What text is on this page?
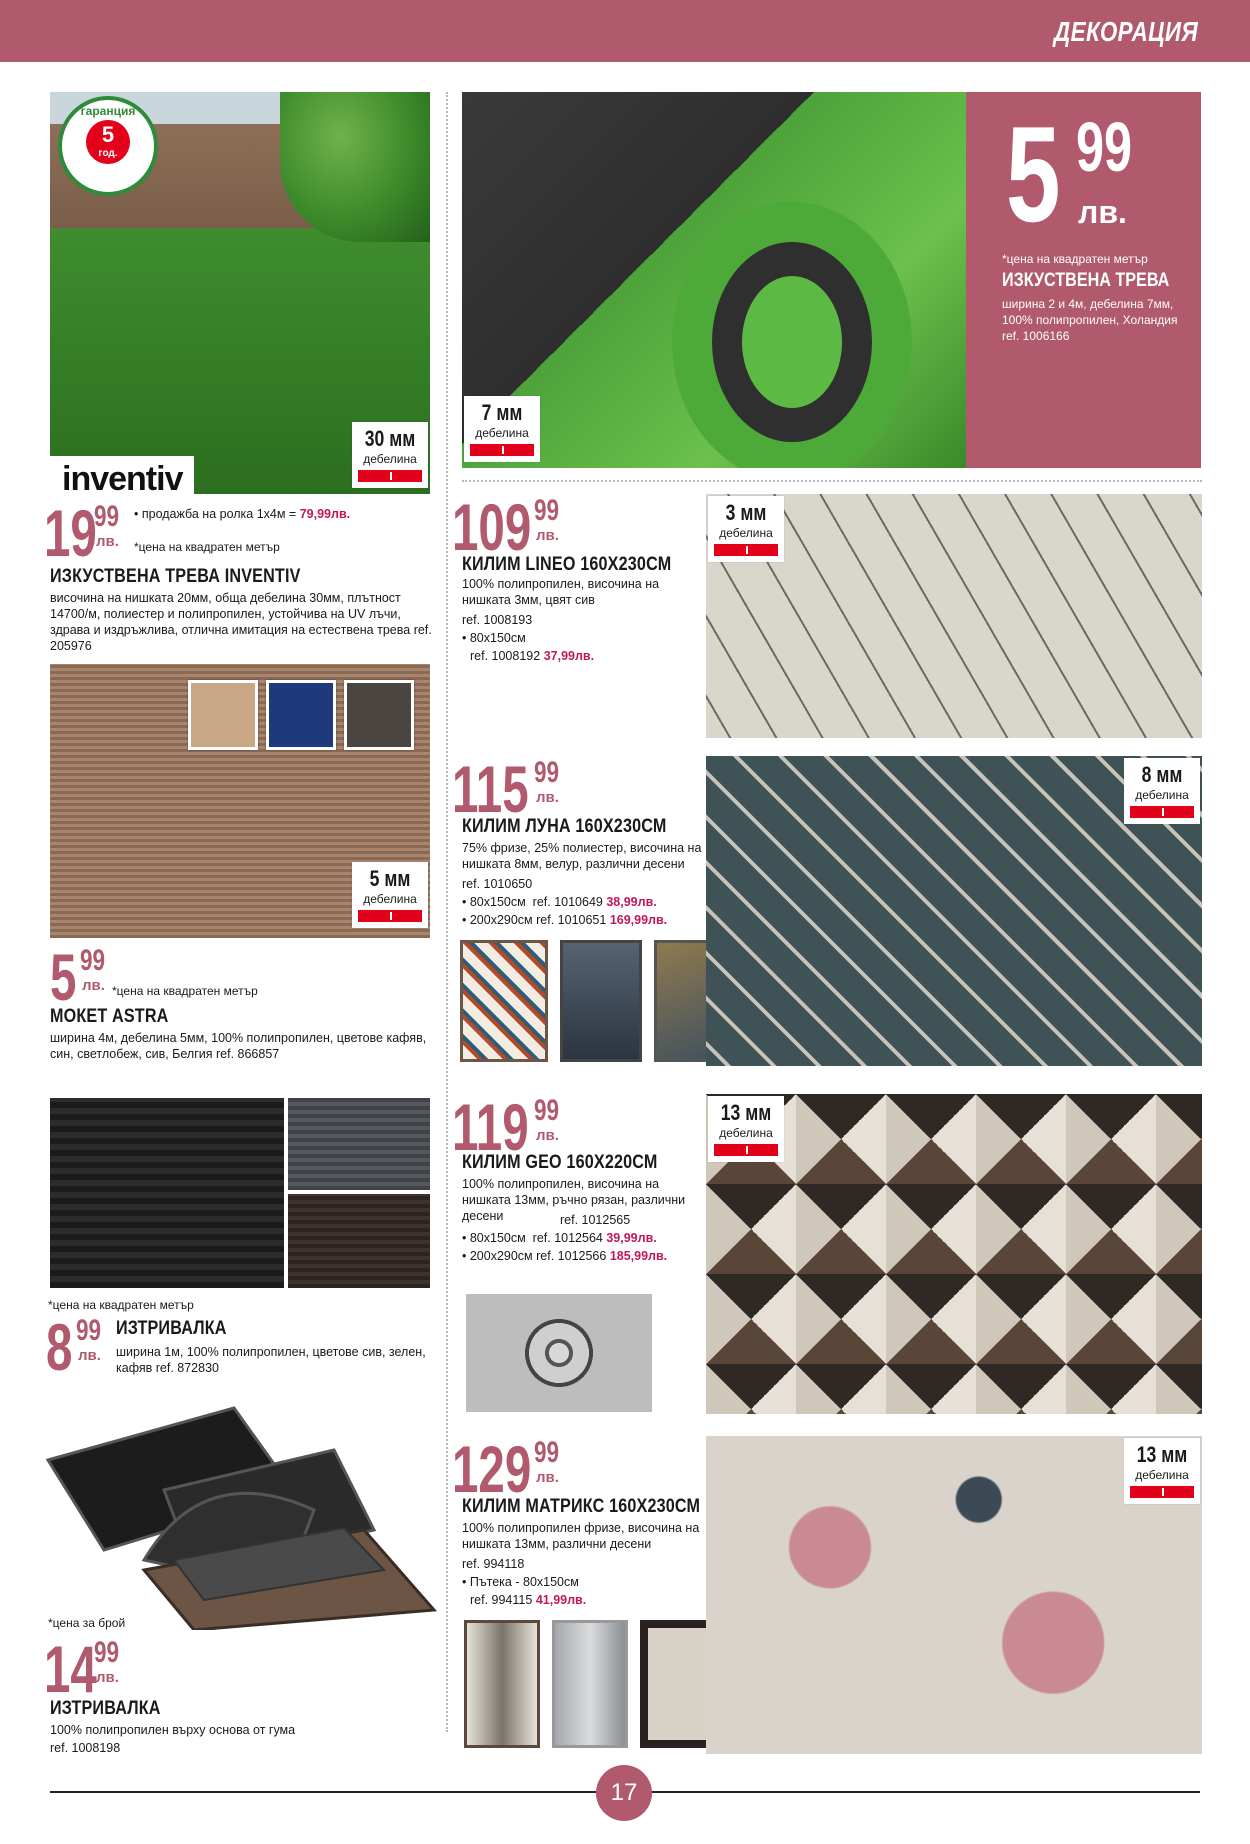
ДЕКОРАЦИЯ
гаранция
5
год.
inventiv
30 мм
дебелина
19
99
лв.
• продажба на ролка 1х4м = 79,99лв.
*цена на квадратен метър
ИЗКУСТВЕНА ТРЕВА INVENTIV
височина на нишката 20мм, обща дебелина 30мм, плътност 14700/м, полиестер и полипропилен, устойчива на UV лъчи, здрава и издръжлива, отлична имитация на естествена трева ref. 205976
5 мм
дебелина
5 99
лв. *цена на квадратен метър
МОКЕТ ASTRA
ширина 4м, дебелина 5мм, 100% полипропилен, цветове кафяв, син, светлобеж, сив, Белгия ref. 866857
*цена на квадратен метър
8 99
лв.
ИЗТРИВАЛКА
ширина 1м, 100% полипропилен, цветове сив, зелен, кафяв ref. 872830
*цена за брой
14
99
лв.
ИЗТРИВАЛКА
100% полипропилен върху основа от гума
ref. 1008198
5 99
лв.
*цена на квадратен метър
ИЗКУСТВЕНА ТРЕВА
ширина 2 и 4м, дебелина 7мм, 100% полипропилен, Холандия
ref. 1006166
7 мм
дебелина
109 99
лв.
КИЛИМ LINEO 160Х230СМ
100% полипропилен, височина на нишката 3мм, цвят сив
ref. 1008193
• 80х150см
ref. 1008192 37,99лв.
3 мм
дебелина
115 99
лв.
КИЛИМ ЛУНА 160Х230СМ
75% фризе, 25% полиестер, височина на нишката 8мм, велур, различни десени
ref. 1010650
• 80х150см ref. 1010649 38,99лв.
• 200х290см ref. 1010651 169,99лв.
8 мм
дебелина
119 99
лв.
КИЛИМ GEO 160Х220СМ
100% полипропилен, височина на нишката 13мм, ръчно рязан, различни десени	ref. 1012565
• 80х150см ref. 1012564 39,99лв.
• 200х290см ref. 1012566 185,99лв.
13 мм
дебелина
129 99
лв.
КИЛИМ МАТРИКС 160Х230СМ
100% полипропилен фризе, височина на нишката 13мм, различни десени
ref. 994118
• Пътека - 80х150см
ref. 994115 41,99лв.
13 мм
дебелина
17
